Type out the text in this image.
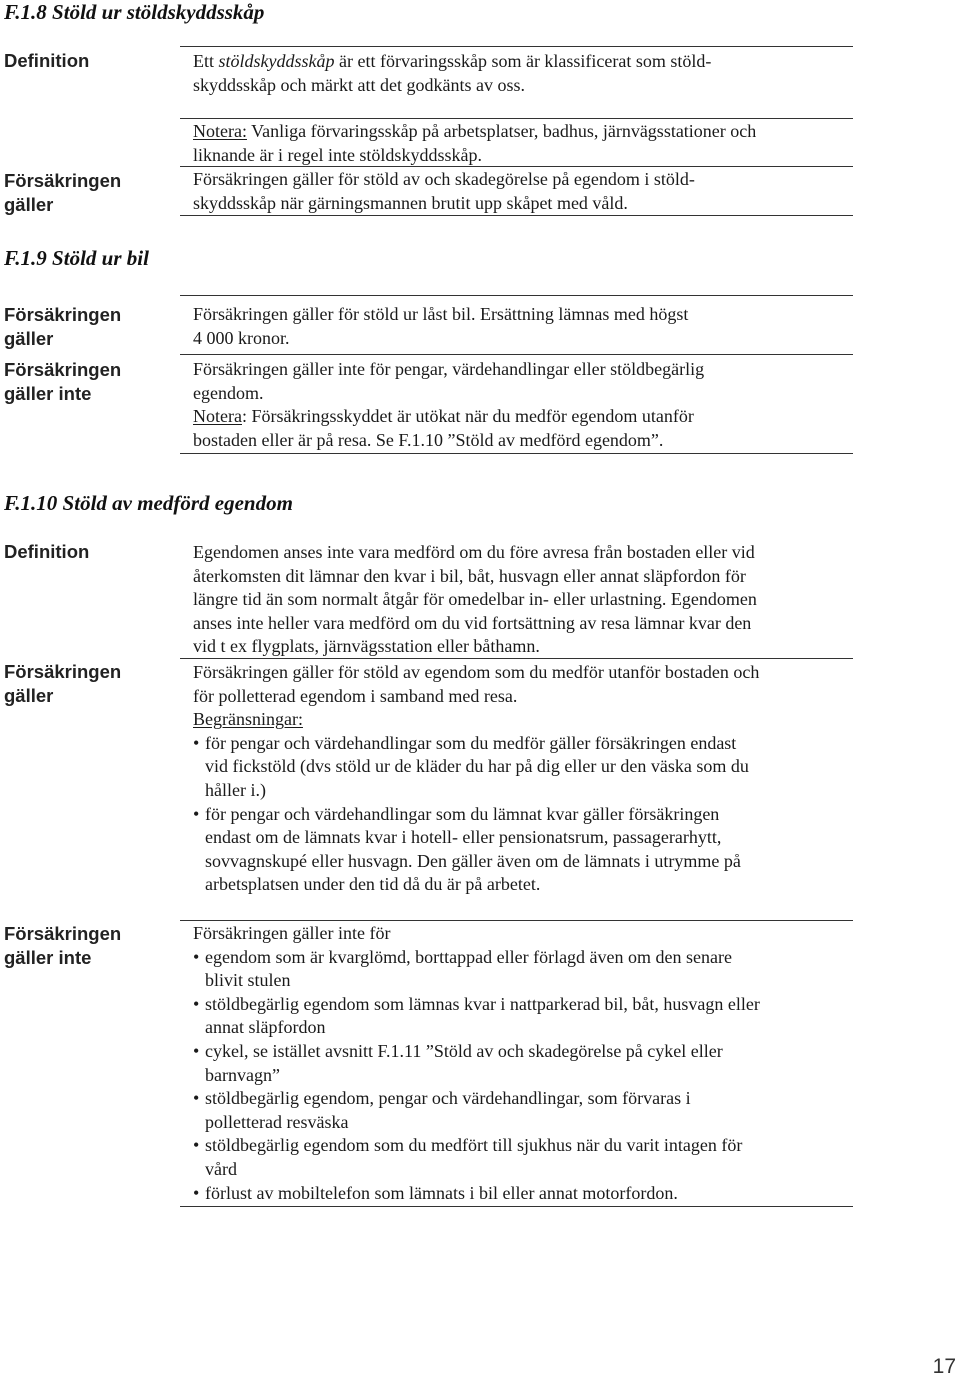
F.1.8 Stöld ur stöldskyddsskåp
Definition	Ett stöldskyddsskåp är ett förvaringsskåp som är klassificerat som stöld-
skyddsskåp och märkt att det godkänts av oss.
Notera: Vanliga förvaringsskåp på arbetsplatser, badhus, järnvägsstationer och
liknande är i regel inte stöldskyddsskåp.
Försäkringen
gäller
Försäkringen gäller för stöld av och skadegörelse på egendom i stöld-
skyddsskåp när gärningsmannen brutit upp skåpet med våld.
F.1.9 Stöld ur bil
Försäkringen
gäller
Försäkringen gäller för stöld ur låst bil. Ersättning lämnas med högst
4 000 kronor.
Försäkringen
gäller inte
Försäkringen gäller inte för pengar, värdehandlingar eller stöldbegärlig
egendom.
Notera: Försäkringsskyddet är utökat när du medför egendom utanför
bostaden eller är på resa. Se F.1.10 ”Stöld av medförd egendom”.
F.1.10 Stöld av medförd egendom
Definition	Egendomen anses inte vara medförd om du före avresa från bostaden eller vid
återkomsten dit lämnar den kvar i bil, båt, husvagn eller annat släpfordon för
längre tid än som normalt åtgår för omedelbar in- eller urlastning. Egendomen
anses inte heller vara medförd om du vid fortsättning av resa lämnar kvar den
vid t ex flygplats, järnvägsstation eller båthamn.
Försäkringen
gäller
Försäkringen gäller för stöld av egendom som du medför utanför bostaden och
för polletterad egendom i samband med resa.
Begränsningar:
• för pengar och värdehandlingar som du medför gäller försäkringen endast
vid fickstöld (dvs stöld ur de kläder du har på dig eller ur den väska som du
håller i.)
• för pengar och värdehandlingar som du lämnat kvar gäller försäkringen
endast om de lämnats kvar i hotell- eller pensionatsrum, passagerarhytt,
sovvagnskupé eller husvagn. Den gäller även om de lämnats i utrymme på
arbetsplatsen under den tid då du är på arbetet.
Försäkringen
gäller inte
Försäkringen gäller inte för
• egendom som är kvarglömd, borttappad eller förlagd även om den senare
blivit stulen
• stöldbegärlig egendom som lämnas kvar i nattparkerad bil, båt, husvagn eller
annat släpfordon
• cykel, se istället avsnitt F.1.11 ”Stöld av och skadegörelse på cykel eller
barnvagn”
• stöldbegärlig egendom, pengar och värdehandlingar, som förvaras i
polletterad resväska
• stöldbegärlig egendom som du medfört till sjukhus när du varit intagen för
vård
• förlust av mobiltelefon som lämnats i bil eller annat motorfordon.
17
